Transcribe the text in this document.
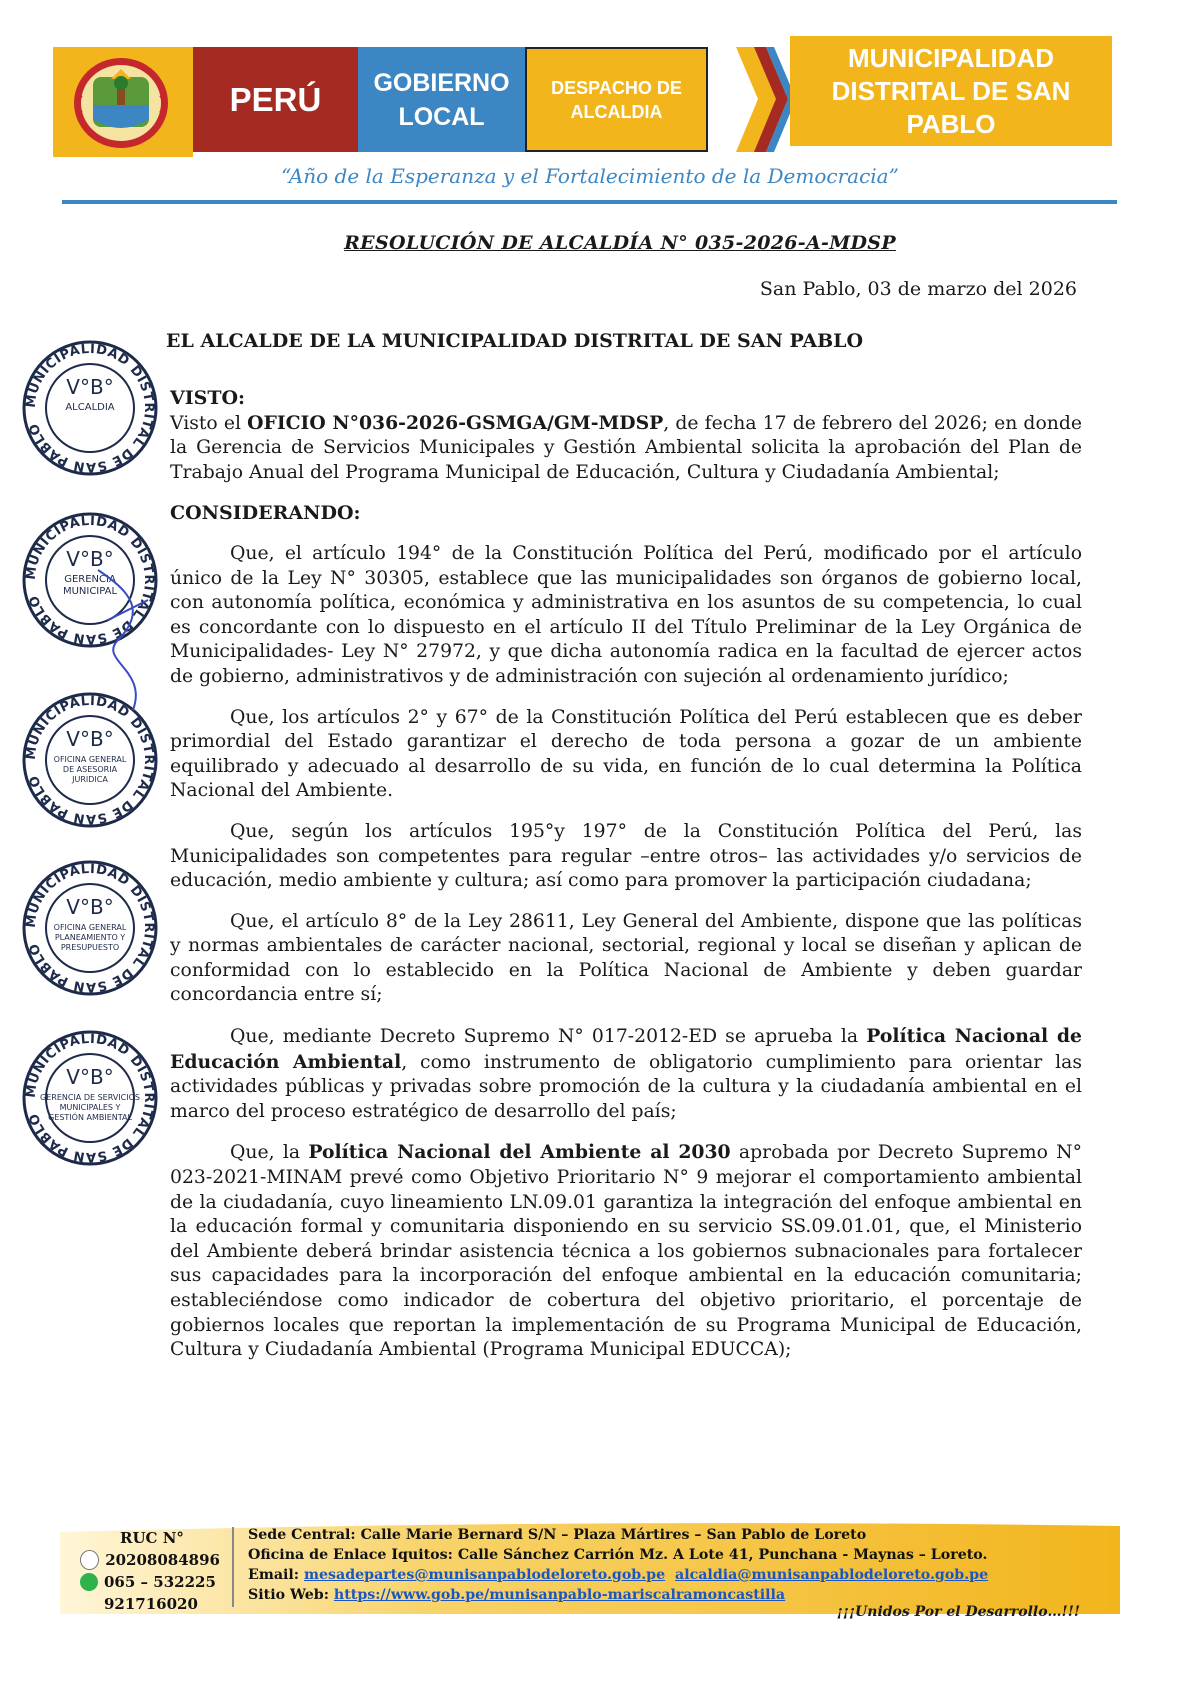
PERÚ GOBIERNO
LOCAL
DESPACHO DE
ALCALDIA
MUNICIPALIDAD
DISTRITAL DE SAN
PABLO
“Año de la Esperanza y el Fortalecimiento de la Democracia”
RESOLUCIÓN DE ALCALDÍA N° 035-2026-A-MDSP
San Pablo, 03 de marzo del 2026
EL ALCALDE DE LA MUNICIPALIDAD DISTRITAL DE SAN PABLO

VISTO:

Visto el OFICIO N°036-2026-GSMGA/GM-MDSP, de fecha 17 de febrero del 2026; en donde la Gerencia de Servicios Municipales y Gestión Ambiental solicita la aprobación del Plan de Trabajo Anual del Programa Municipal de Educación, Cultura y Ciudadanía Ambiental;

CONSIDERANDO:

Que, el artículo 194° de la Constitución Política del Perú, modificado por el artículo único de la Ley N° 30305, establece que las municipalidades son órganos de gobierno local, con autonomía política, económica y administrativa en los asuntos de su competencia, lo cual es concordante con lo dispuesto en el artículo II del Título Preliminar de la Ley Orgánica de Municipalidades- Ley N° 27972, y que dicha autonomía radica en la facultad de ejercer actos de gobierno, administrativos y de administración con sujeción al ordenamiento jurídico;

Que, los artículos 2° y 67° de la Constitución Política del Perú establecen que es deber primordial del Estado garantizar el derecho de toda persona a gozar de un ambiente equilibrado y adecuado al desarrollo de su vida, en función de lo cual determina la Política Nacional del Ambiente.

Que, según los artículos 195°y 197° de la Constitución Política del Perú, las Municipalidades son competentes para regular –entre otros– las actividades y/o servicios de educación, medio ambiente y cultura; así como para promover la participación ciudadana;

Que, el artículo 8° de la Ley 28611, Ley General del Ambiente, dispone que las políticas y normas ambientales de carácter nacional, sectorial, regional y local se diseñan y aplican de conformidad con lo establecido en la Política Nacional de Ambiente y deben guardar concordancia entre sí;

Que, mediante Decreto Supremo N° 017-2012-ED se aprueba la Política Nacional de Educación Ambiental, como instrumento de obligatorio cumplimiento para orientar las actividades públicas y privadas sobre promoción de la cultura y la ciudadanía ambiental en el marco del proceso estratégico de desarrollo del país;

Que, la Política Nacional del Ambiente al 2030 aprobada por Decreto Supremo N° 023-2021-MINAM prevé como Objetivo Prioritario N° 9 mejorar el comportamiento ambiental de la ciudadanía, cuyo lineamiento LN.09.01 garantiza la integración del enfoque ambiental en la educación formal y comunitaria disponiendo en su servicio SS.09.01.01, que, el Ministerio del Ambiente deberá brindar asistencia técnica a los gobiernos subnacionales para fortalecer sus capacidades para la incorporación del enfoque ambiental en la educación comunitaria; estableciéndose como indicador de cobertura del objetivo prioritario, el porcentaje de gobiernos locales que reportan la implementación de su Programa Municipal de Educación, Cultura y Ciudadanía Ambiental (Programa Municipal EDUCCA);

MUNICIPALIDAD DISTRITAL DE SAN PABLO
V°B°
ALCALDIA
MUNICIPALIDAD DISTRITAL DE SAN PABLO
V°B°
GERENCIA
MUNICIPAL
MUNICIPALIDAD DISTRITAL DE SAN PABLO
V°B°
OFICINA GENERAL
DE ASESORIA
JURIDICA
MUNICIPALIDAD DISTRITAL DE SAN PABLO
V°B°
OFICINA GENERAL
PLANEAMIENTO Y
PRESUPUESTO
MUNICIPALIDAD DISTRITAL DE SAN PABLO
V°B°
GERENCIA DE SERVICIOS
MUNICIPALES Y
GESTIÓN AMBIENTAL
RUC N°
20208084896
065 – 532225
921716020
Sede Central: Calle Marie Bernard S/N – Plaza Mártires – San Pablo de Loreto
Oficina de Enlace Iquitos: Calle Sánchez Carrión Mz. A Lote 41, Punchana - Maynas – Loreto.
Email: mesadepartes@munisanpablodeloreto.gob.pe alcaldia@munisanpablodeloreto.gob.pe
Sitio Web: https://www.gob.pe/munisanpablo-mariscalramoncastilla
¡¡¡Unidos Por el Desarrollo…!!!
